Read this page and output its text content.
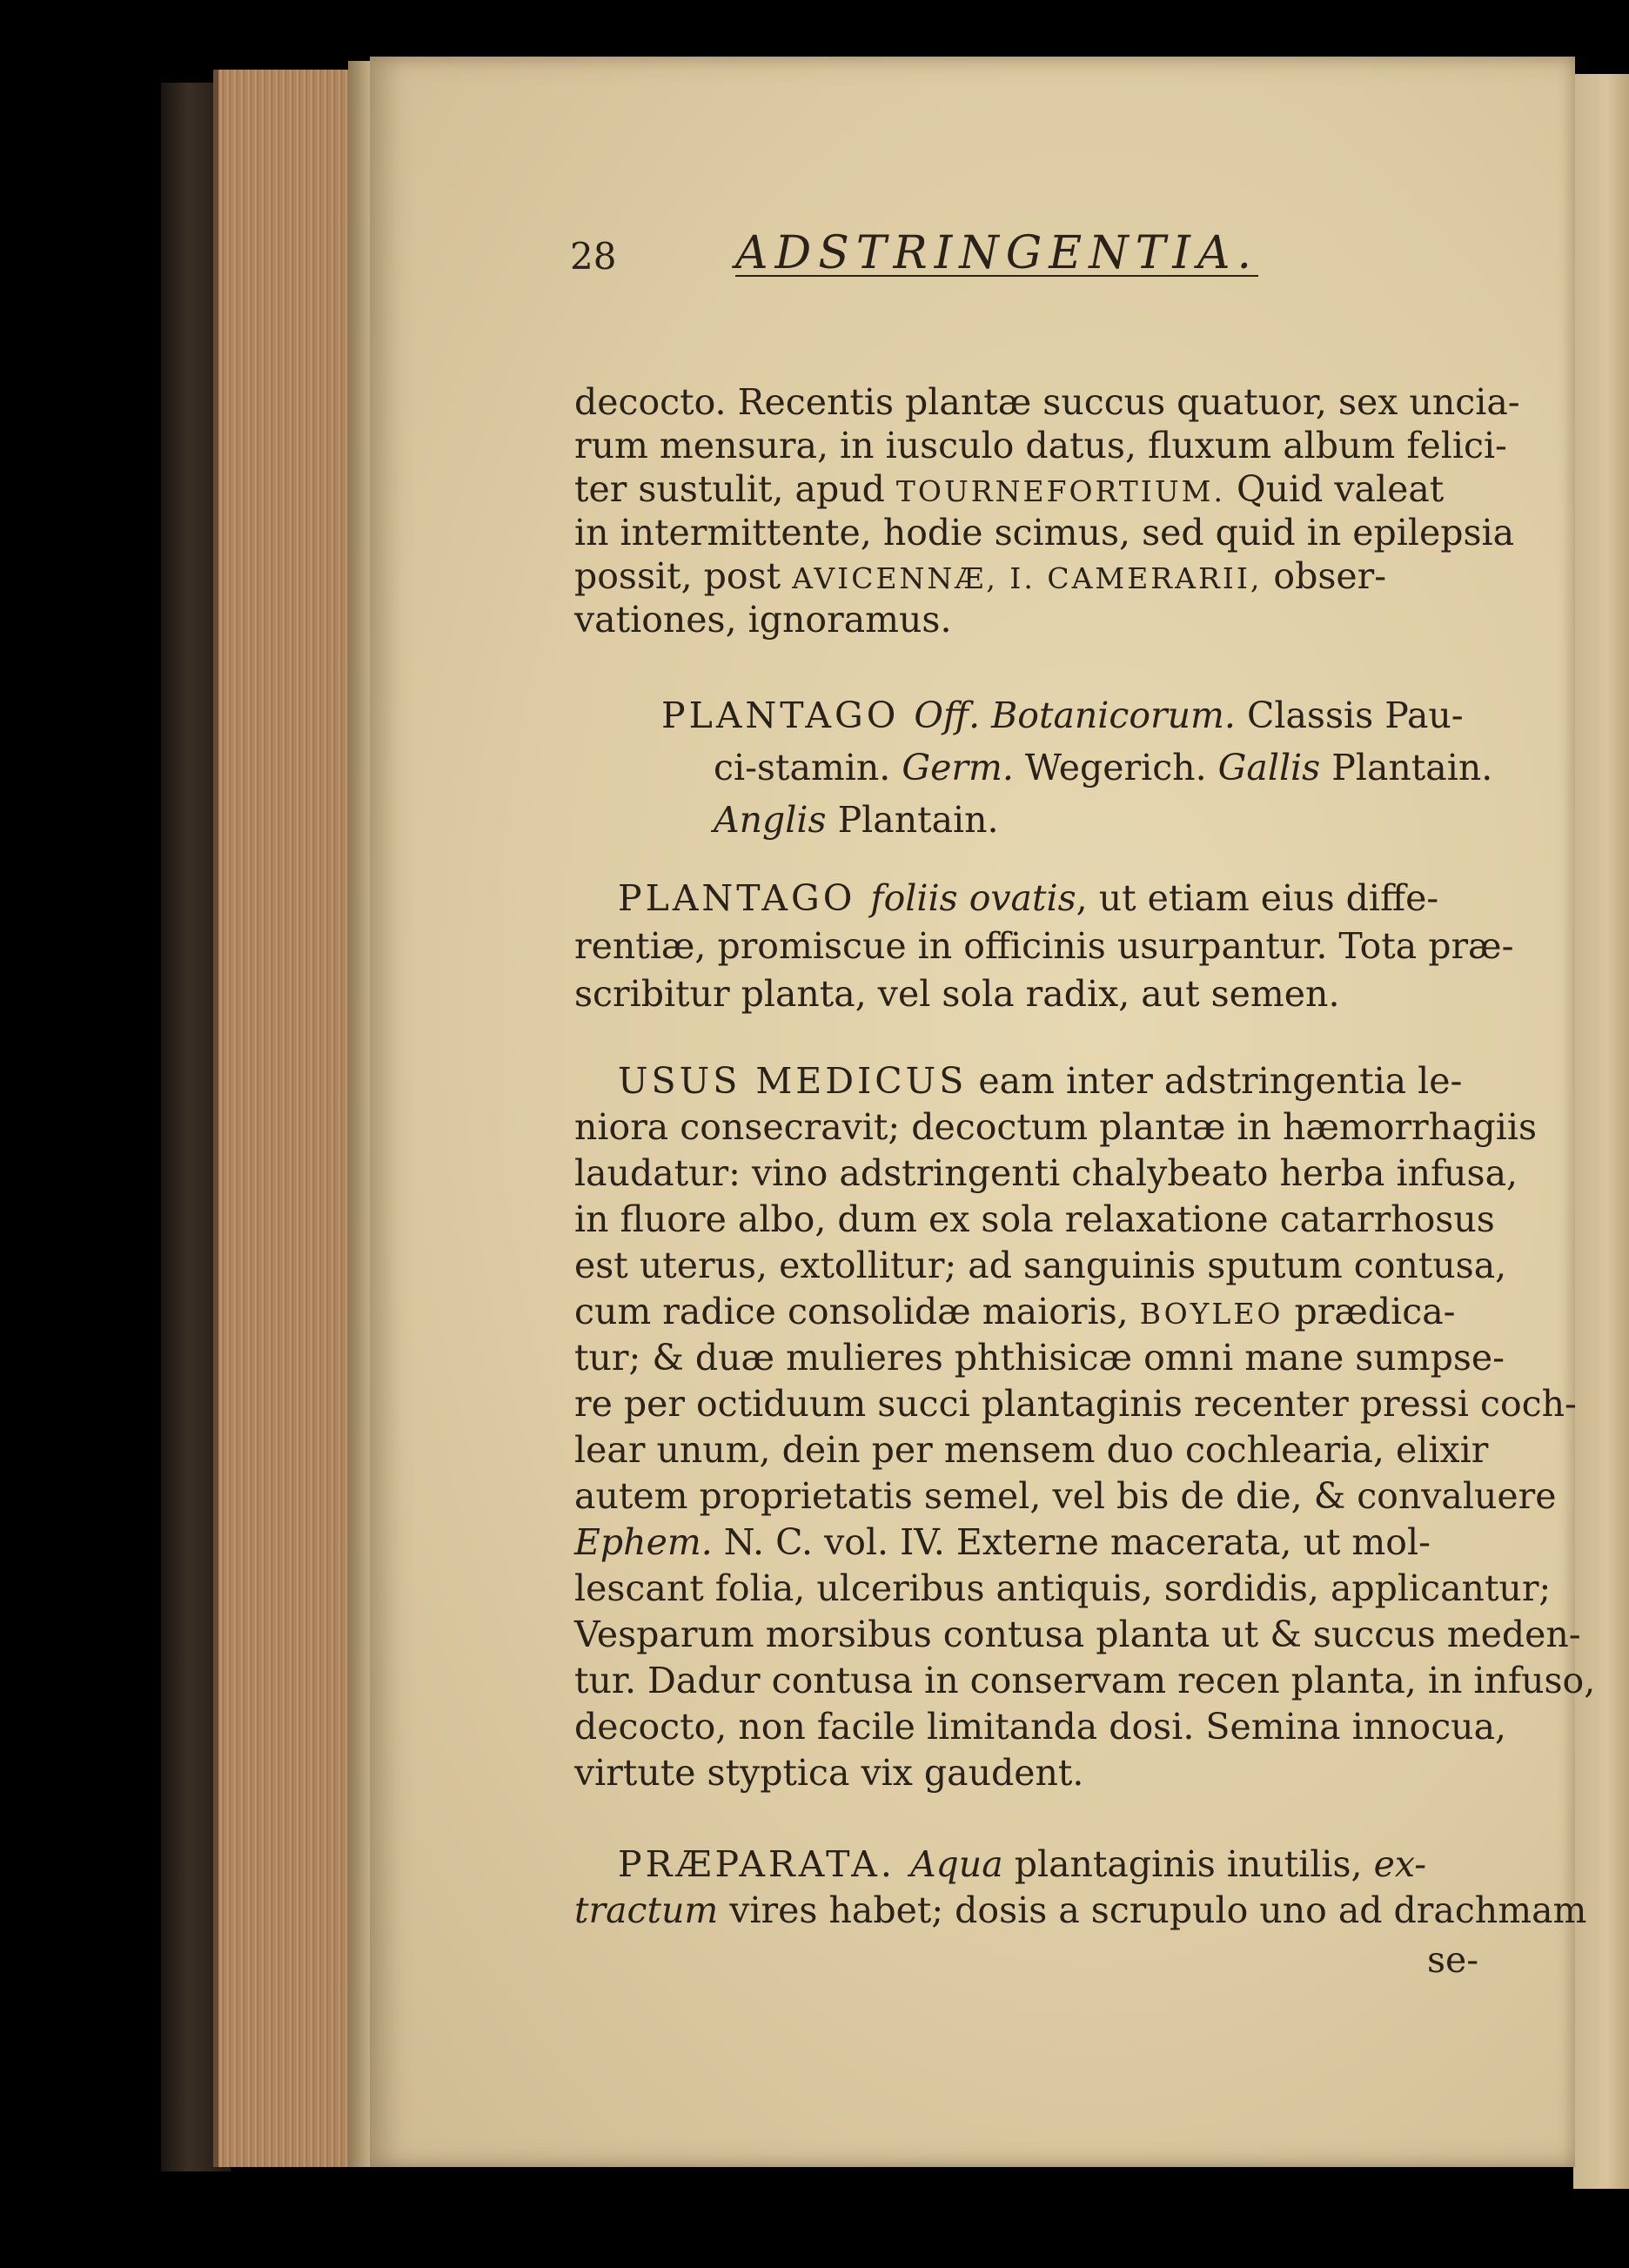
28	ADSTRINGENTIA.
decocto. Recentis plantæ succus quatuor, sex uncia-
rum mensura, in iusculo datus, fluxum album felici-
ter sustulit, apud TOURNEFORTIUM. Quid valeat
in intermittente, hodie scimus, sed quid in epilepsia
possit, post AVICENNÆ, I. CAMERARII, obser-
vationes, ignoramus.
PLANTAGO Off. Botanicorum. Classis Pau-
ci-stamin. Germ. Wegerich. Gallis Plantain.
Anglis Plantain.
PLANTAGO foliis ovatis, ut etiam eius diffe-
rentiæ, promiscue in officinis usurpantur. Tota præ-
scribitur planta, vel sola radix, aut semen.
USUS MEDICUS eam inter adstringentia le-
niora consecravit; decoctum plantæ in hæmorrhagiis
laudatur: vino adstringenti chalybeato herba infusa,
in fluore albo, dum ex sola relaxatione catarrhosus
est uterus, extollitur; ad sanguinis sputum contusa,
cum radice consolidæ maioris, BOYLEO prædica-
tur; & duæ mulieres phthisicæ omni mane sumpse-
re per octiduum succi plantaginis recenter pressi coch-
lear unum, dein per mensem duo cochlearia, elixir
autem proprietatis semel, vel bis de die, & convaluere
Ephem. N. C. vol. IV. Externe macerata, ut mol-
lescant folia, ulceribus antiquis, sordidis, applicantur;
Vesparum morsibus contusa planta ut & succus meden-
tur. Dadur contusa in conservam recen planta, in infuso,
decocto, non facile limitanda dosi. Semina innocua,
virtute styptica vix gaudent.
PRÆPARATA. Aqua plantaginis inutilis, ex-
tractum vires habet; dosis a scrupulo uno ad drachmam
se-
